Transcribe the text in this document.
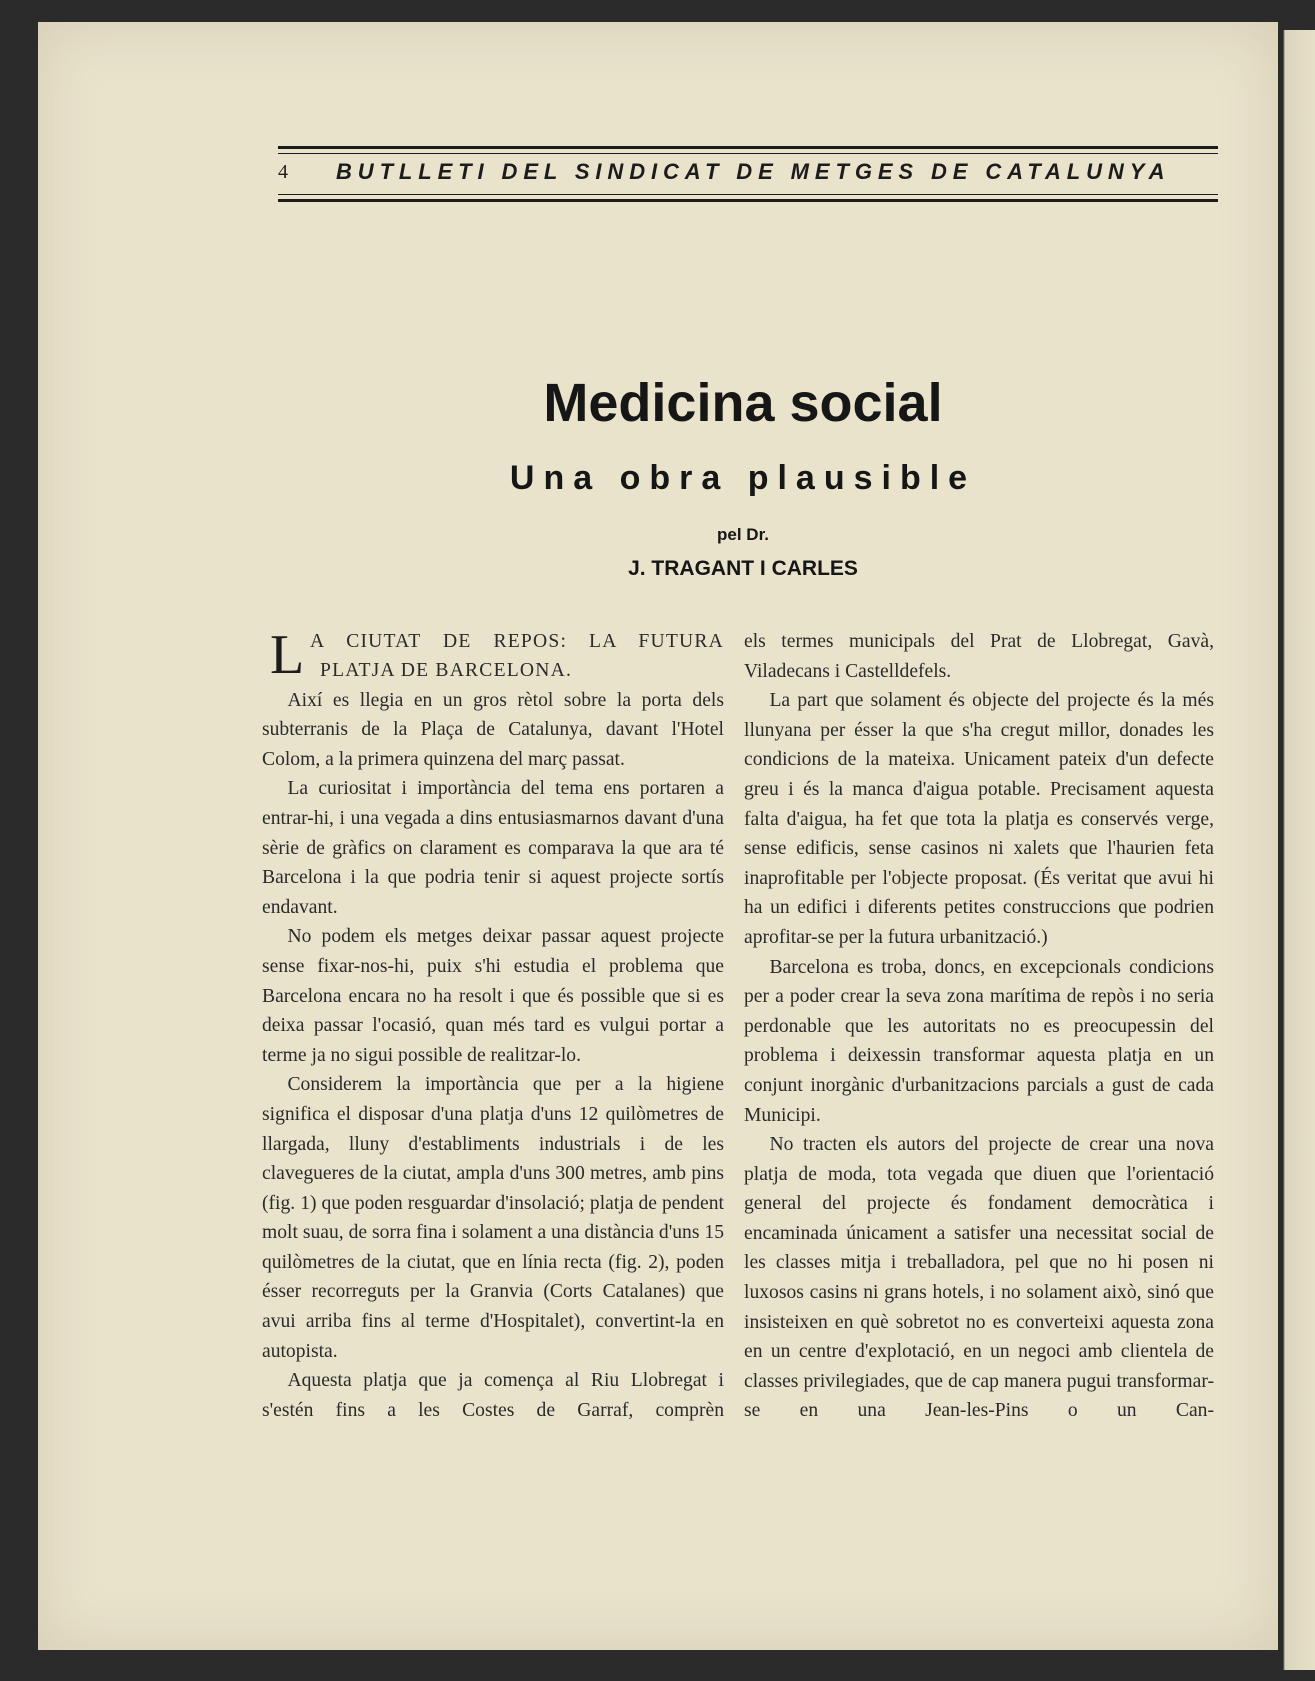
4 BUTLLETI DEL SINDICAT DE METGES DE CATALUNYA
Medicina social
Una obra plausible
pel Dr.
J. TRAGANT I CARLES
L A CIUTAT DE REPOS: LA FUTURA
PLATJA DE BARCELONA.

Així es llegia en un gros rètol sobre la porta dels subterranis de la Plaça de Catalunya, davant l'Hotel Colom, a la primera quinzena del març passat.

La curiositat i importància del tema ens portaren a entrar-hi, i una vegada a dins entusiasmarnos davant d'una sèrie de gràfics on clarament es comparava la que ara té Barcelona i la que podria tenir si aquest projecte sortís endavant.

No podem els metges deixar passar aquest projecte sense fixar-nos-hi, puix s'hi estudia el problema que Barcelona encara no ha resolt i que és possible que si es deixa passar l'ocasió, quan més tard es vulgui portar a terme ja no sigui possible de realitzar-lo.

Considerem la importància que per a la higiene significa el disposar d'una platja d'uns 12 quilòmetres de llargada, lluny d'establiments industrials i de les clavegueres de la ciutat, ampla d'uns 300 metres, amb pins (fig. 1) que poden resguardar d'insolació; platja de pendent molt suau, de sorra fina i solament a una distància d'uns 15 quilòmetres de la ciutat, que en línia recta (fig. 2), poden ésser recorreguts per la Granvia (Corts Catalanes) que avui arriba fins al terme d'Hospitalet), convertint-la en autopista.

Aquesta platja que ja comença al Riu Llobregat i s'estén fins a les Costes de Garraf, comprèn

els termes municipals del Prat de Llobregat, Gavà, Viladecans i Castelldefels.

La part que solament és objecte del projecte és la més llunyana per ésser la que s'ha cregut millor, donades les condicions de la mateixa. Unicament pateix d'un defecte greu i és la manca d'aigua potable. Precisament aquesta falta d'aigua, ha fet que tota la platja es conservés verge, sense edificis, sense casinos ni xalets que l'haurien feta inaprofitable per l'objecte proposat. (És veritat que avui hi ha un edifici i diferents petites construccions que podrien aprofitar-se per la futura urbanització.)

Barcelona es troba, doncs, en excepcionals condicions per a poder crear la seva zona marítima de repòs i no seria perdonable que les autoritats no es preocupessin del problema i deixessin transformar aquesta platja en un conjunt inorgànic d'urbanitzacions parcials a gust de cada Municipi.

No tracten els autors del projecte de crear una nova platja de moda, tota vegada que diuen que l'orientació general del projecte és fondament democràtica i encaminada únicament a satisfer una necessitat social de les classes mitja i treballadora, pel que no hi posen ni luxosos casins ni grans hotels, i no solament això, sinó que insisteixen en què sobretot no es converteixi aquesta zona en un centre d'explotació, en un negoci amb clientela de classes privilegiades, que de cap manera pugui transformar-se en una Jean-les-Pins o un Can-
